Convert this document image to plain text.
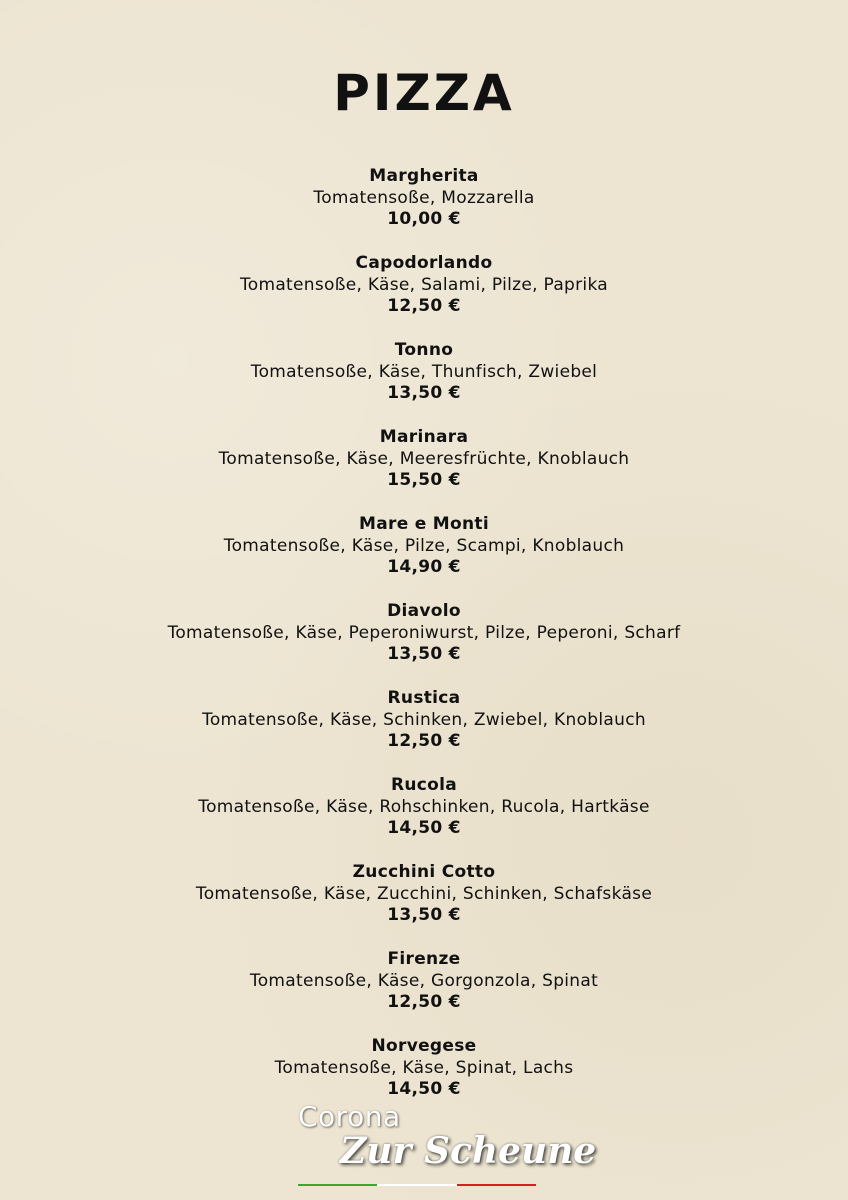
PIZZA
Margherita
Tomatensoße, Mozzarella
10,00 €
Capodorlando
Tomatensoße, Käse, Salami, Pilze, Paprika
12,50 €
Tonno
Tomatensoße, Käse, Thunfisch, Zwiebel
13,50 €
Marinara
Tomatensoße, Käse, Meeresfrüchte, Knoblauch
15,50 €
Mare e Monti
Tomatensoße, Käse, Pilze, Scampi, Knoblauch
14,90 €
Diavolo
Tomatensoße, Käse, Peperoniwurst, Pilze, Peperoni, Scharf
13,50 €
Rustica
Tomatensoße, Käse, Schinken, Zwiebel, Knoblauch
12,50 €
Rucola
Tomatensoße, Käse, Rohschinken, Rucola, Hartkäse
14,50 €
Zucchini Cotto
Tomatensoße, Käse, Zucchini, Schinken, Schafskäse
13,50 €
Firenze
Tomatensoße, Käse, Gorgonzola, Spinat
12,50 €
Norvegese
Tomatensoße, Käse, Spinat, Lachs
14,50 €
Corona
Zur Scheune
